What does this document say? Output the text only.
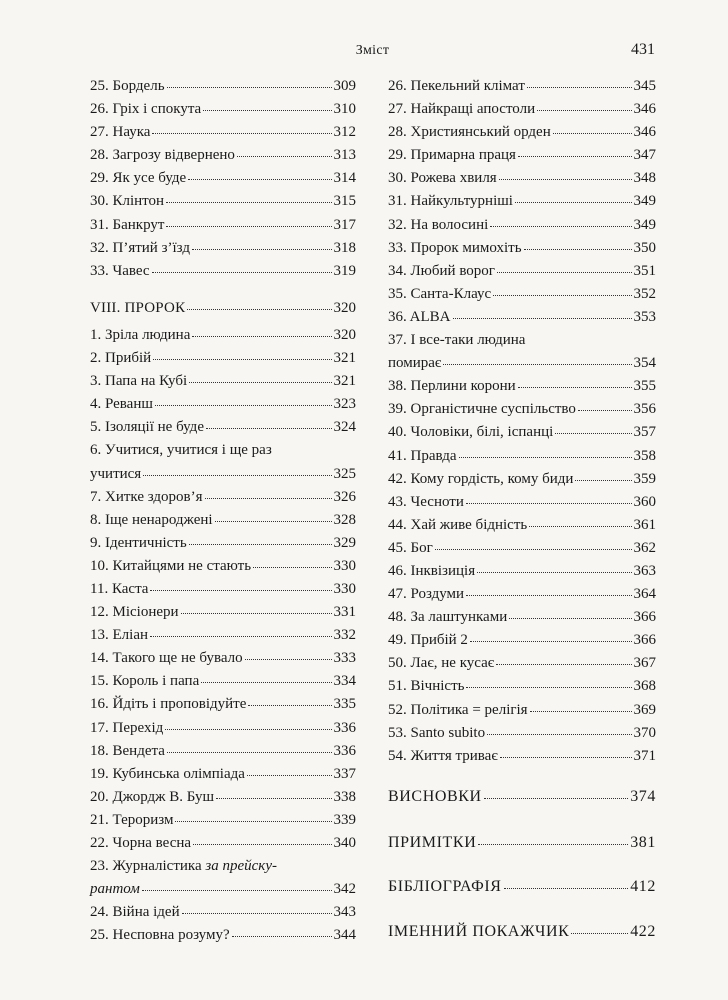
Зміст	431
25. Бордель	309
26. Гріх і спокута	310
27. Наука	312
28. Загрозу відвернено	313
29. Як усе буде	314
30. Клінтон	315
31. Банкрут	317
32. П’ятий з’їзд	318
33. Чавес	319
VIII. ПРОРОК	320
1. Зріла людина	320
2. Прибій	321
3. Папа на Кубі	321
4. Реванш	323
5. Ізоляції не буде	324
6. Учитися, учитися і ще раз
учитися	325
7. Хитке здоров’я	326
8. Іще ненароджені	328
9. Ідентичність	329
10. Китайцями не стають	330
11. Каста	330
12. Місіонери	331
13. Еліан	332
14. Такого ще не бувало	333
15. Король і папа	334
16. Йдіть і проповідуйте	335
17. Перехід	336
18. Вендета	336
19. Кубинська олімпіада	337
20. Джордж В. Буш	338
21. Тероризм	339
22. Чорна весна	340
23. Журналістика за прейску-
рантом	342
24. Війна ідей	343
25. Несповна розуму?	344
26. Пекельний клімат	345
27. Найкращі апостоли	346
28. Християнський орден	346
29. Примарна праця	347
30. Рожева хвиля	348
31. Найкультурніші	349
32. На волосині	349
33. Пророк мимохіть	350
34. Любий ворог	351
35. Санта-Клаус	352
36. ALBA	353
37. І все-таки людина
помирає	354
38. Перлини корони	355
39. Органістичне суспільство	356
40. Чоловіки, білі, іспанці	357
41. Правда	358
42. Кому гордість, кому биди	359
43. Чесноти	360
44. Хай живе бідність	361
45. Бог	362
46. Інквізиція	363
47. Роздуми	364
48. За лаштунками	366
49. Прибій 2	366
50. Лає, не кусає	367
51. Вічність	368
52. Політика = релігія	369
53. Santo subito	370
54. Життя триває	371
ВИСНОВКИ	374
ПРИМІТКИ	381
БІБЛІОГРАФІЯ	412
ІМЕННИЙ ПОКАЖЧИК	422
